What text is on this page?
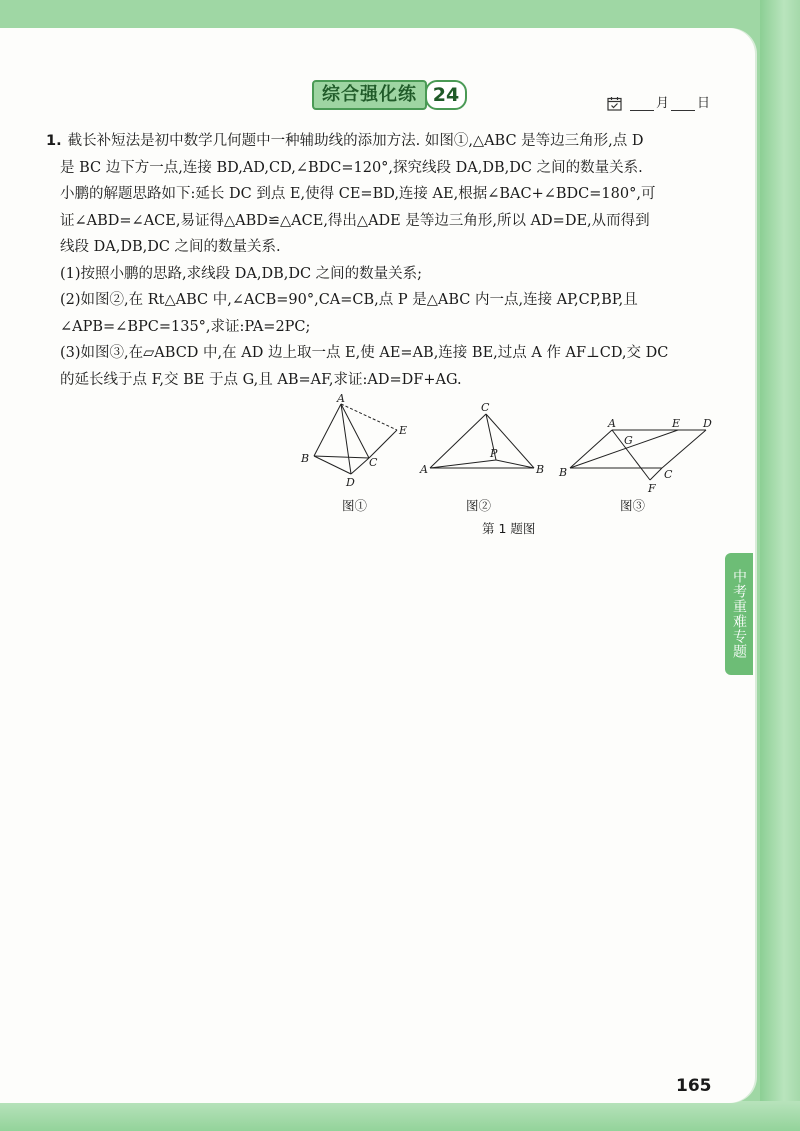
综合强化练 24	月 日

1. 截长补短法是初中数学几何题中一种辅助线的添加方法. 如图①,△ABC 是等边三角形,点 D

是 BC 边下方一点,连接 BD,AD,CD,∠BDC=120°,探究线段 DA,DB,DC 之间的数量关系.

小鹏的解题思路如下:延长 DC 到点 E,使得 CE=BD,连接 AE,根据∠BAC+∠BDC=180°,可

证∠ABD=∠ACE,易证得△ABD≌△ACE,得出△ADE 是等边三角形,所以 AD=DE,从而得到

线段 DA,DB,DC 之间的数量关系.

(1)按照小鹏的思路,求线段 DA,DB,DC 之间的数量关系;

(2)如图②,在 Rt△ABC 中,∠ACB=90°,CA=CB,点 P 是△ABC 内一点,连接 AP,CP,BP,且

∠APB=∠BPC=135°,求证:PA=2PC;

(3)如图③,在▱ABCD 中,在 AD 边上取一点 E,使 AE=AB,连接 BE,过点 A 作 AF⊥CD,交 DC

的延长线于点 F,交 BE 于点 G,且 AB=AF,求证:AD=DF+AG.

A
B	C
D
E
图①
C
A	B
P
图②
A	E D
G
B	C
F
图③
第 1 题图
中考重难专题
165
